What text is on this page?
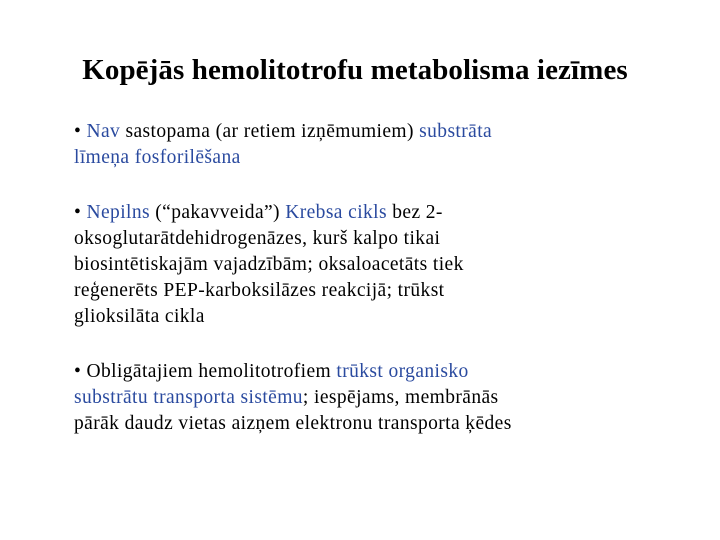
Kopējās hemolitotrofu metabolisma iezīmes

• Nav sastopama (ar retiem izņēmumiem) substrāta
līmeņa fosforilēšana

• Nepilns (“pakavveida”) Krebsa cikls bez 2-
oksoglutarātdehidrogenāzes, kurš kalpo tikai
biosintētiskajām vajadzībām; oksaloacetāts tiek
reģenerēts PEP-karboksilāzes reakcijā; trūkst
glioksilāta cikla

• Obligātajiem hemolitotrofiem trūkst organisko
substrātu transporta sistēmu; iespējams, membrānās
pārāk daudz vietas aizņem elektronu transporta ķēdes
